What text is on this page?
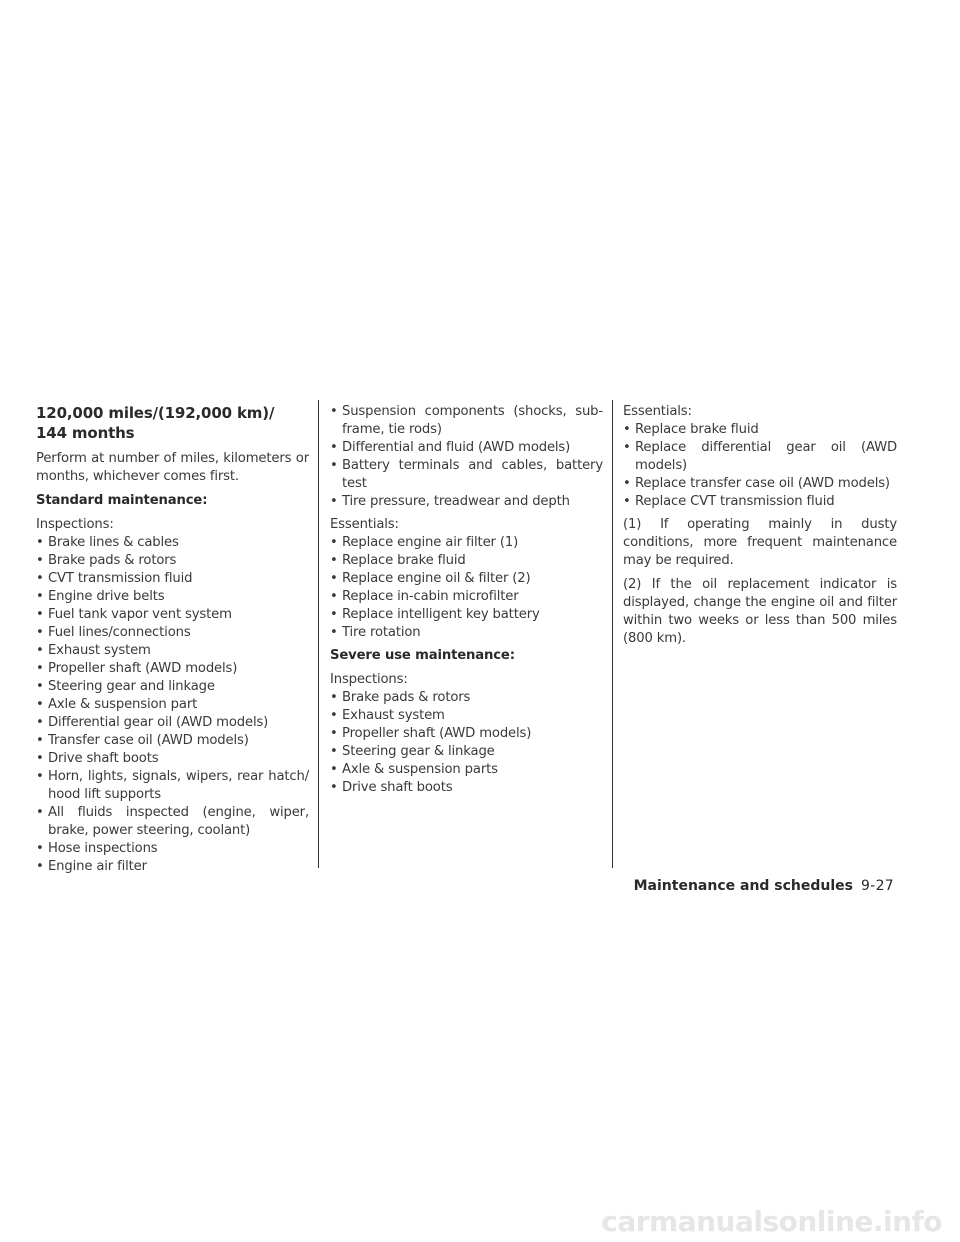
120,000 miles/(192,000 km)/
144 months

Perform at number of miles, kilometers or months, whichever comes first.

Standard maintenance:

Inspections:

• Brake lines & cables
• Brake pads & rotors
• CVT transmission fluid
• Engine drive belts
• Fuel tank vapor vent system
• Fuel lines/connections
• Exhaust system
• Propeller shaft (AWD models)
• Steering gear and linkage
• Axle & suspension part
• Differential gear oil (AWD models)
• Transfer case oil (AWD models)
• Drive shaft boots
• Horn, lights, signals, wipers, rear hatch/ hood lift supports
• All fluids inspected (engine, wiper, brake, power steering, coolant)
• Hose inspections
• Engine air filter
• Suspension components (shocks, sub-frame, tie rods)
• Differential and fluid (AWD models)
• Battery terminals and cables, battery test
• Tire pressure, treadwear and depth

Essentials:

• Replace engine air filter (1)
• Replace brake fluid
• Replace engine oil & filter (2)
• Replace in-cabin microfilter
• Replace intelligent key battery
• Tire rotation

Severe use maintenance:

Inspections:

• Brake pads & rotors
• Exhaust system
• Propeller shaft (AWD models)
• Steering gear & linkage
• Axle & suspension parts
• Drive shaft boots

Essentials:

• Replace brake fluid
• Replace differential gear oil (AWD models)
• Replace transfer case oil (AWD models)
• Replace CVT transmission fluid

(1) If operating mainly in dusty conditions, more frequent maintenance may be required.

(2) If the oil replacement indicator is displayed, change the engine oil and filter within two weeks or less than 500 miles (800 km).

Maintenance and schedules 9-27
carmanualsonline.info
